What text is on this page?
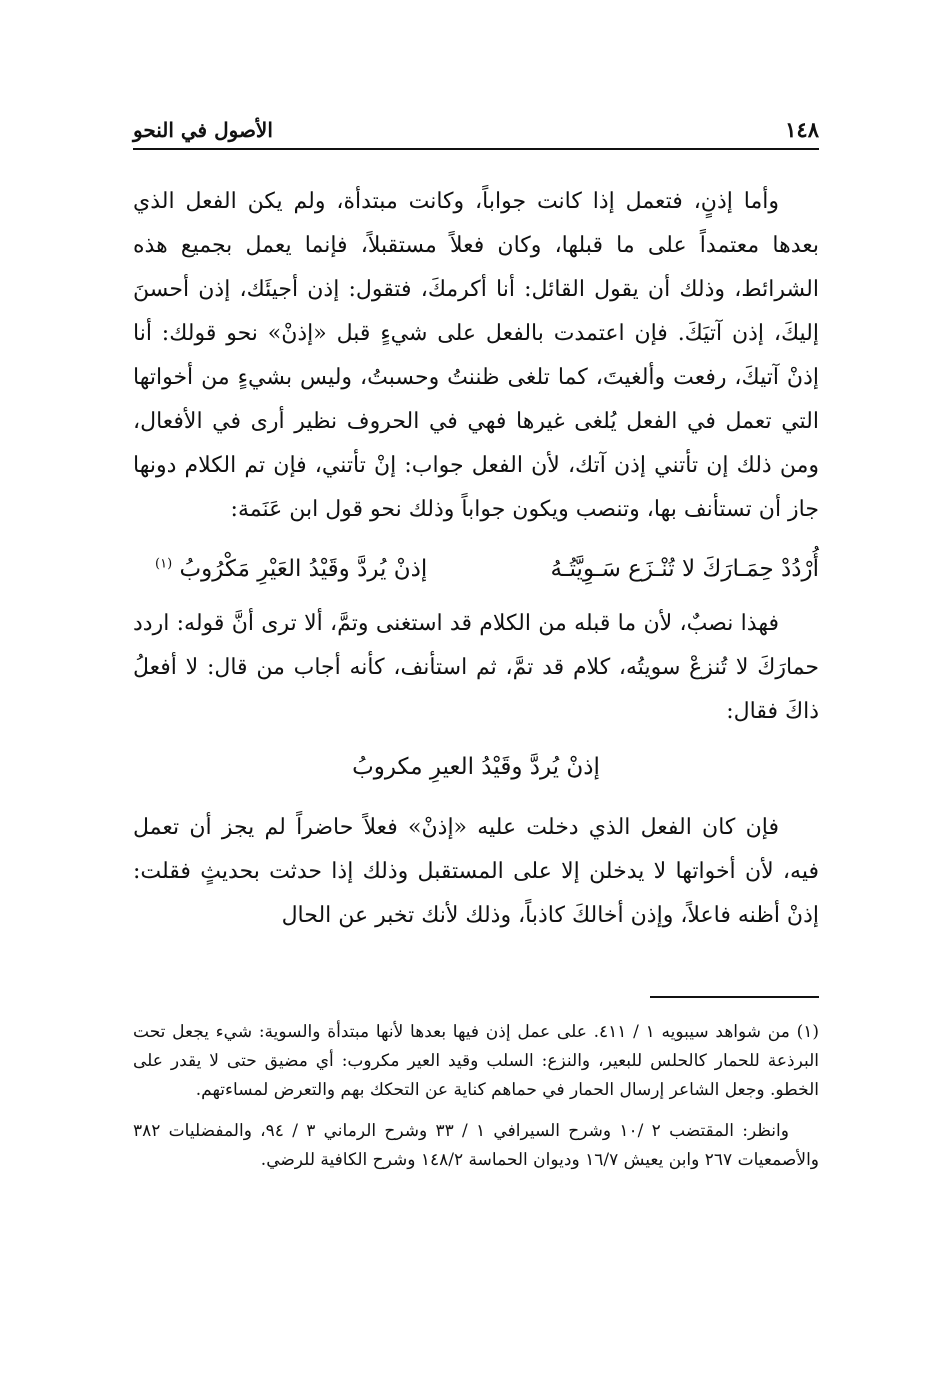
الأصول في النحو	١٤٨

وأما إذنٍ، فتعمل إذا كانت جواباً، وكانت مبتدأة، ولم يكن الفعل الذي بعدها معتمداً على ما قبلها، وكان فعلاً مستقبلاً، فإنما يعمل بجميع هذه الشرائط، وذلك أن يقول القائل: أنا أكرمكَ، فتقول: إذن أجيئَك، إذن أحسنَ إليكَ، إذن آتيَكَ. فإن اعتمدت بالفعل على شيءٍ قبل «إذنْ» نحو قولك: أنا إذنْ آتيكَ، رفعت وألغيتَ، كما تلغى ظننتُ وحسبتُ، وليس بشيءٍ من أخواتها التي تعمل في الفعل يُلغى غيرها فهي في الحروف نظير أرى في الأفعال، ومن ذلك إن تأتني إذن آتك، لأن الفعل جواب: إنْ تأتني، فإن تم الكلام دونها جاز أن تستأنف بها، وتنصب ويكون جواباً وذلك نحو قول ابن عَنَمة:

أُرْدُدْ حِمَـارَكَ لا تُنْـزَع سَـوِيَّتُـهُ
إذنْ يُردَّ وقَيْدُ العَيْرِ مَكْرُوبُ $^{(١)}$

فهذا نصبٌ، لأن ما قبله من الكلام قد استغنى وتمَّ، ألا ترى أنَّ قوله: اردد حمارَكَ لا تُنزعْ سويتُه، كلام قد تمَّ، ثم استأنف، كأنه أجاب من قال: لا أفعلُ ذاكَ فقال:

إذنْ يُردَّ وقَيْدُ العيرِ مكروبُ

فإن كان الفعل الذي دخلت عليه «إذنْ» فعلاً حاضراً لم يجز أن تعمل فيه، لأن أخواتها لا يدخلن إلا على المستقبل وذلك إذا حدثت بحديثٍ فقلت: إذنْ أظنه فاعلاً، وإذن أخالكَ كاذباً، وذلك لأنك تخبر عن الحال

(١) من شواهد سيبويه ١ / ٤١١. على عمل إذن فيها بعدها لأنها مبتدأة والسوية: شيء يجعل تحت البرذعة للحمار كالحلس للبعير، والنزع: السلب وقيد العير مكروب: أي مضيق حتى لا يقدر على الخطو. وجعل الشاعر إرسال الحمار في حماهم كناية عن التحكك بهم والتعرض لمساءتهم.

وانظر: المقتضب ٢ /١٠ وشرح السيرافي ١ / ٣٣ وشرح الرماني ٣ / ٩٤، والمفضليات ٣٨٢ والأصمعيات ٢٦٧ وابن يعيش ١٦/٧ وديوان الحماسة ١٤٨/٢ وشرح الكافية للرضي.
